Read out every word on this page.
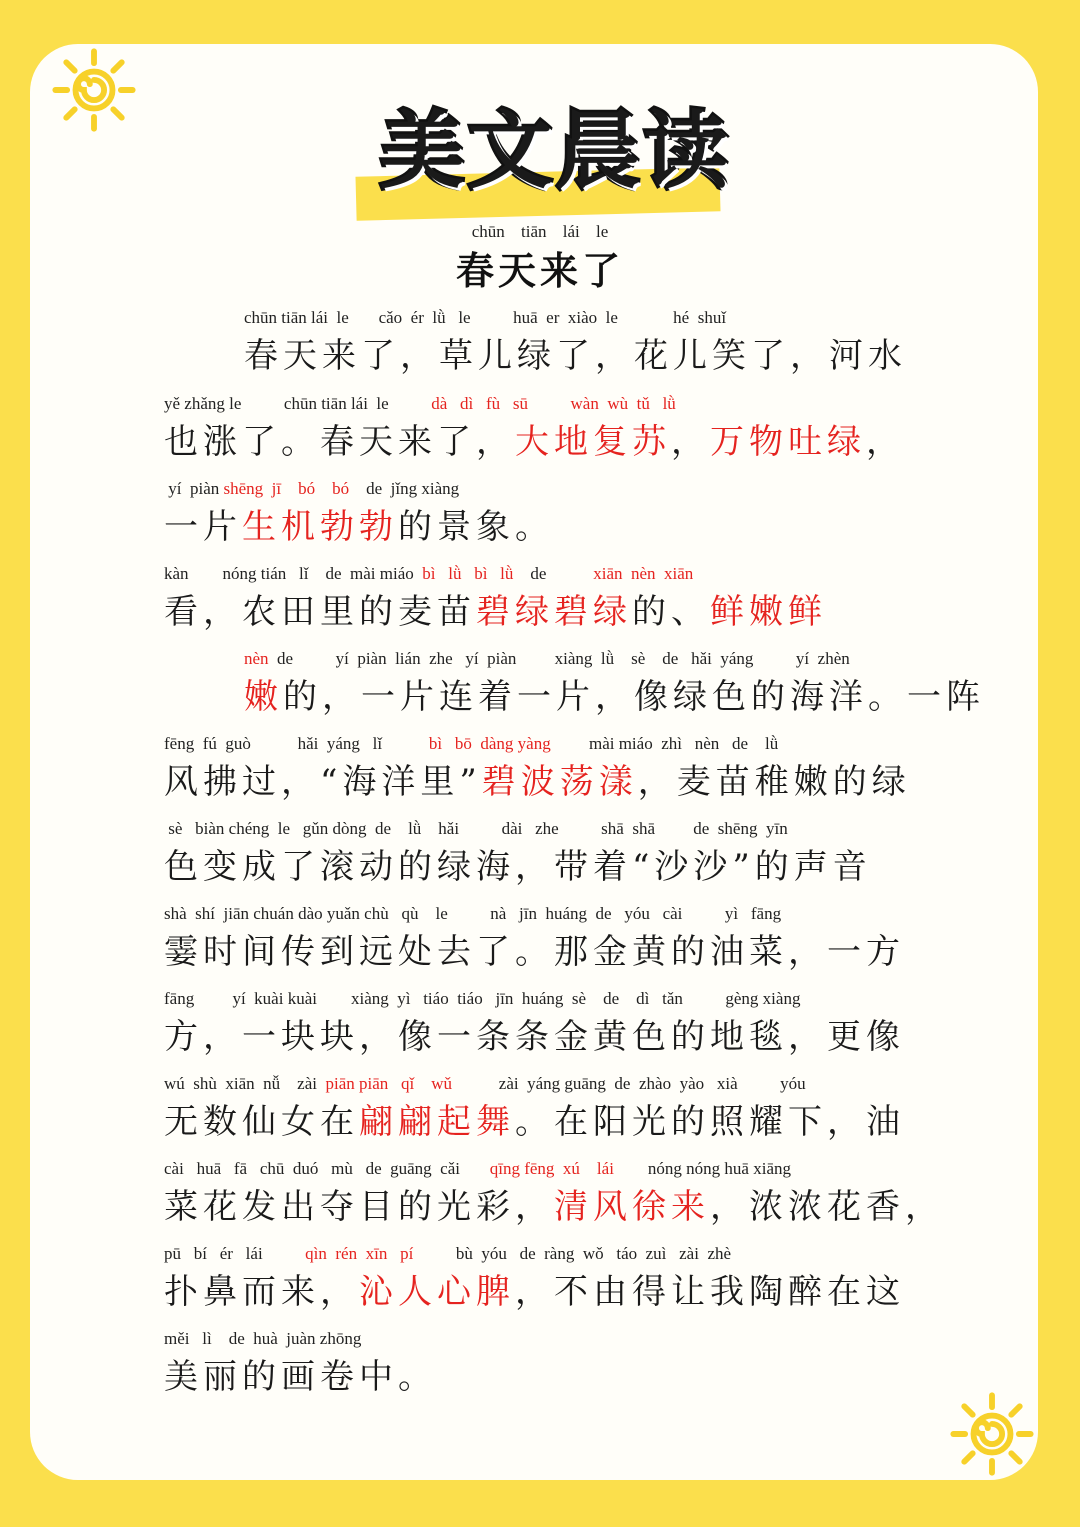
美文晨读
chūn tiān lái le
春天来了
chūn tiān lái  le       cǎo  ér  lǜ   le          huā  er  xiào  le             hé  shuǐ
春天来了，草儿绿了，花儿笑了，河水
yě zhǎng le          chūn tiān lái  le          dà   dì   fù   sū	wàn  wù  tǔ   lǜ
也涨了。春天来了，大地复苏，万物吐绿，
yí  piàn shēng  jī    bó    bó    de  jǐng xiàng
一片生机勃勃的景象。
kàn        nóng tián   lǐ    de  mài miáo  bì   lǜ   bì   lǜ    de           xiān  nèn  xiān
看，农田里的麦苗碧绿碧绿的、鲜嫩鲜
nèn  de          yí  piàn  lián  zhe   yí  piàn         xiàng  lǜ    sè    de   hǎi  yáng          yí  zhèn
嫩的，一片连着一片，像绿色的海洋。一阵
fēng  fú  guò           hǎi  yáng   lǐ           bì   bō  dàng yàng         mài miáo  zhì   nèn   de    lǜ
风拂过，“海洋里”碧波荡漾，麦苗稚嫩的绿
sè   biàn chéng  le   gǔn dòng  de    lǜ    hǎi          dài   zhe          shā  shā         de  shēng  yīn
色变成了滚动的绿海，带着“沙沙”的声音
shà  shí  jiān chuán dào yuǎn chù   qù    le          nà   jīn  huáng  de   yóu   cài          yì   fāng
霎时间传到远处去了。那金黄的油菜，一方
fāng         yí  kuài kuài        xiàng  yì   tiáo  tiáo   jīn  huáng  sè    de    dì   tǎn          gèng xiàng
方，一块块，像一条条金黄色的地毯，更像
wú  shù  xiān  nǚ    zài  piān piān   qǐ    wǔ           zài  yáng guāng  de  zhào  yào   xià          yóu
无数仙女在翩翩起舞。在阳光的照耀下，油
cài   huā   fā   chū  duó   mù   de  guāng  cǎi       qīng fēng  xú    lái        nóng nóng huā xiāng
菜花发出夺目的光彩，清风徐来，浓浓花香，
pū   bí   ér   lái          qìn  rén  xīn   pí          bù  yóu   de  ràng  wǒ   táo  zuì   zài  zhè
扑鼻而来，沁人心脾，不由得让我陶醉在这
měi   lì    de  huà  juàn zhōng
美丽的画卷中。
